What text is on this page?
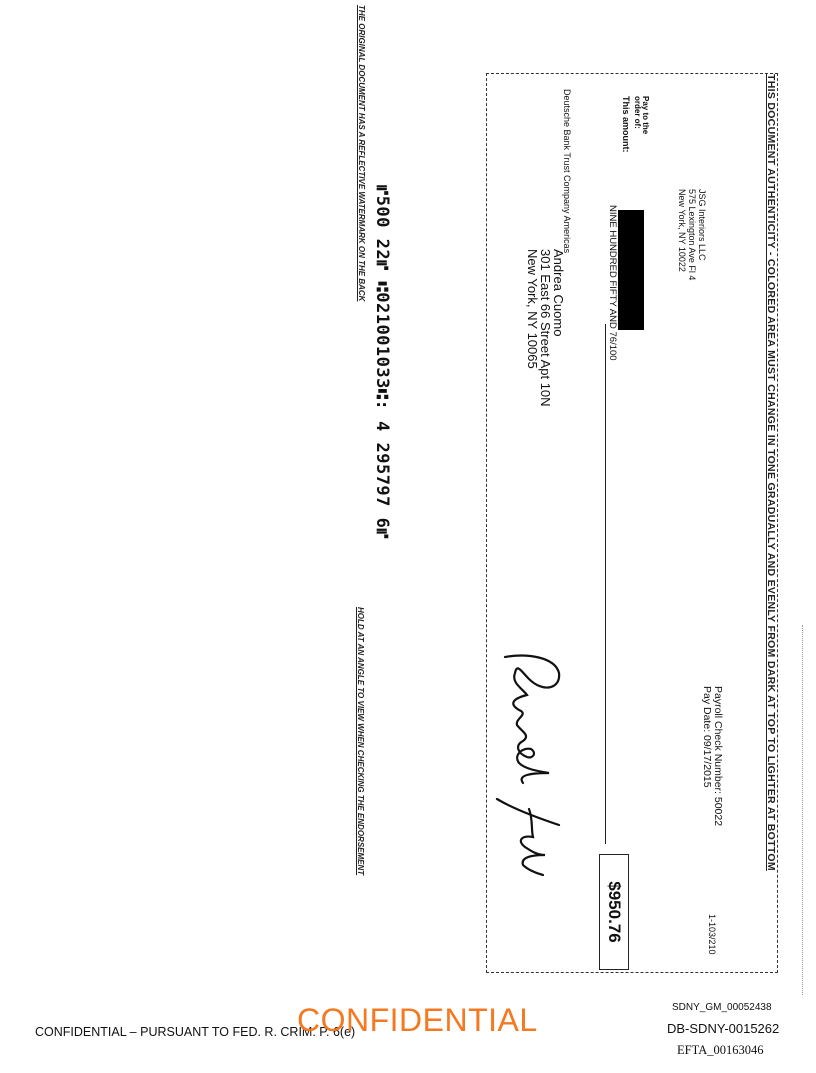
THIS DOCUMENT AUTHENTICITY - COLORED AREA MUST CHANGE IN TONE GRADUALLY AND EVENLY FROM DARK AT TOP TO LIGHTER AT BOTTOM
JSG Interiors LLC
575 Lexington Ave Fl 4
New York, NY 10022
Pay to the
order of:
This amount:
NINE HUNDRED FIFTY AND 76/100
Payroll Check Number: 50022
Pay Date: 09/17/2015
1-103/210
$950.76
Deutsche Bank Trust Company Americas
Andrea Cuomo
301 East 66 Street Apt 10N
New York, NY 10065
⑈500 22⑈ ⑆021001033⑆: 4 295797 6⑈
THE ORIGINAL DOCUMENT HAS A REFLECTIVE WATERMARK ON THE BACK
HOLD AT AN ANGLE TO VIEW WHEN CHECKING THE ENDORSEMENT
SDNY_GM_00052438
CONFIDENTIAL – PURSUANT TO FED. R. CRIM. P. 6(e)
CONFIDENTIAL	DB-SDNY-0015262
EFTA_00163046
